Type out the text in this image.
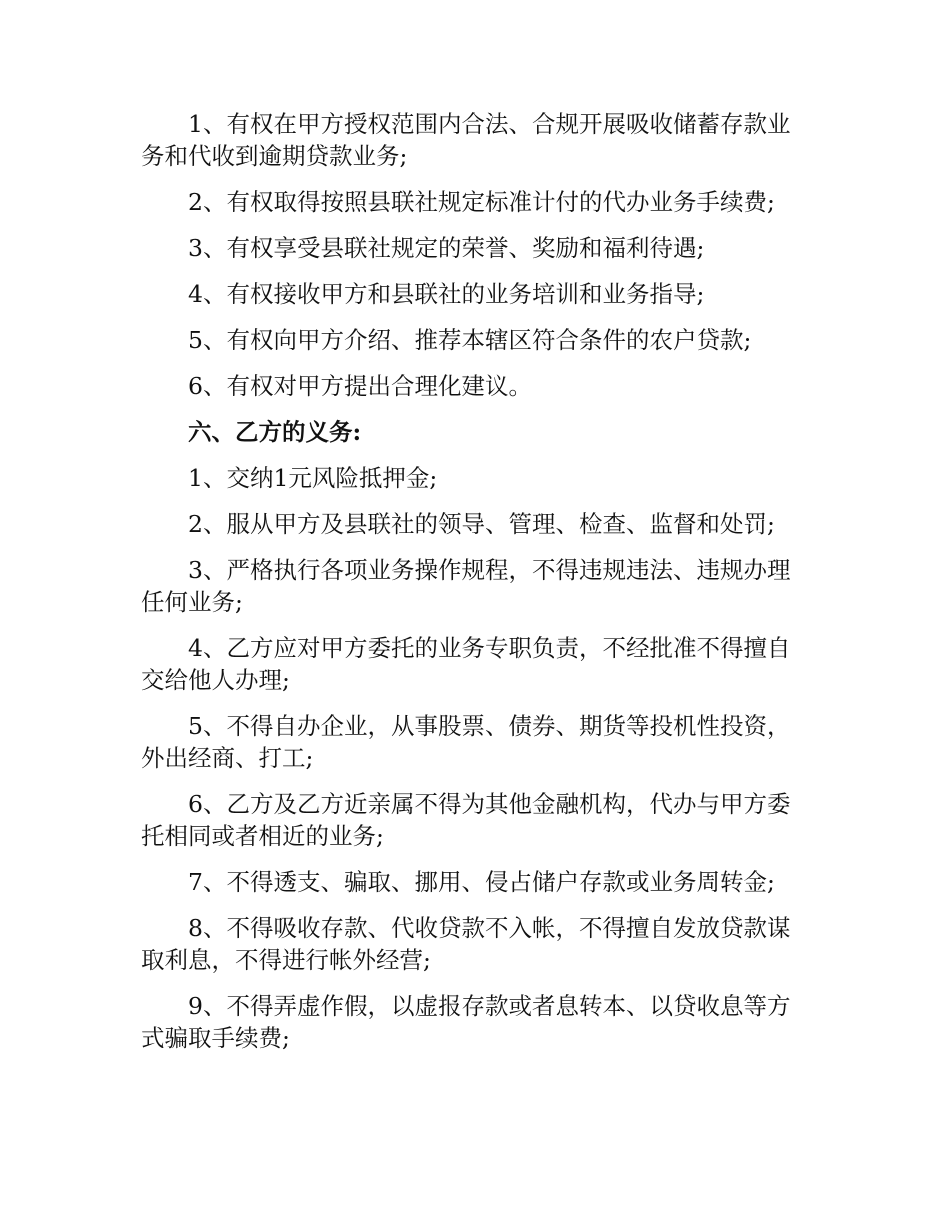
1、有权在甲方授权范围内合法、合规开展吸收储蓄存款业务和代收到逾期贷款业务;

2、有权取得按照县联社规定标准计付的代办业务手续费;

3、有权享受县联社规定的荣誉、奖励和福利待遇;

4、有权接收甲方和县联社的业务培训和业务指导;

5、有权向甲方介绍、推荐本辖区符合条件的农户贷款;

6、有权对甲方提出合理化建议。

六、乙方的义务:

1、交纳1元风险抵押金;

2、服从甲方及县联社的领导、管理、检查、监督和处罚;

3、严格执行各项业务操作规程，不得违规违法、违规办理任何业务;

4、乙方应对甲方委托的业务专职负责，不经批准不得擅自交给他人办理;

5、不得自办企业，从事股票、债券、期货等投机性投资，外出经商、打工;

6、乙方及乙方近亲属不得为其他金融机构，代办与甲方委托相同或者相近的业务;

7、不得透支、骗取、挪用、侵占储户存款或业务周转金;

8、不得吸收存款、代收贷款不入帐，不得擅自发放贷款谋取利息，不得进行帐外经营;

9、不得弄虚作假，以虚报存款或者息转本、以贷收息等方式骗取手续费;
